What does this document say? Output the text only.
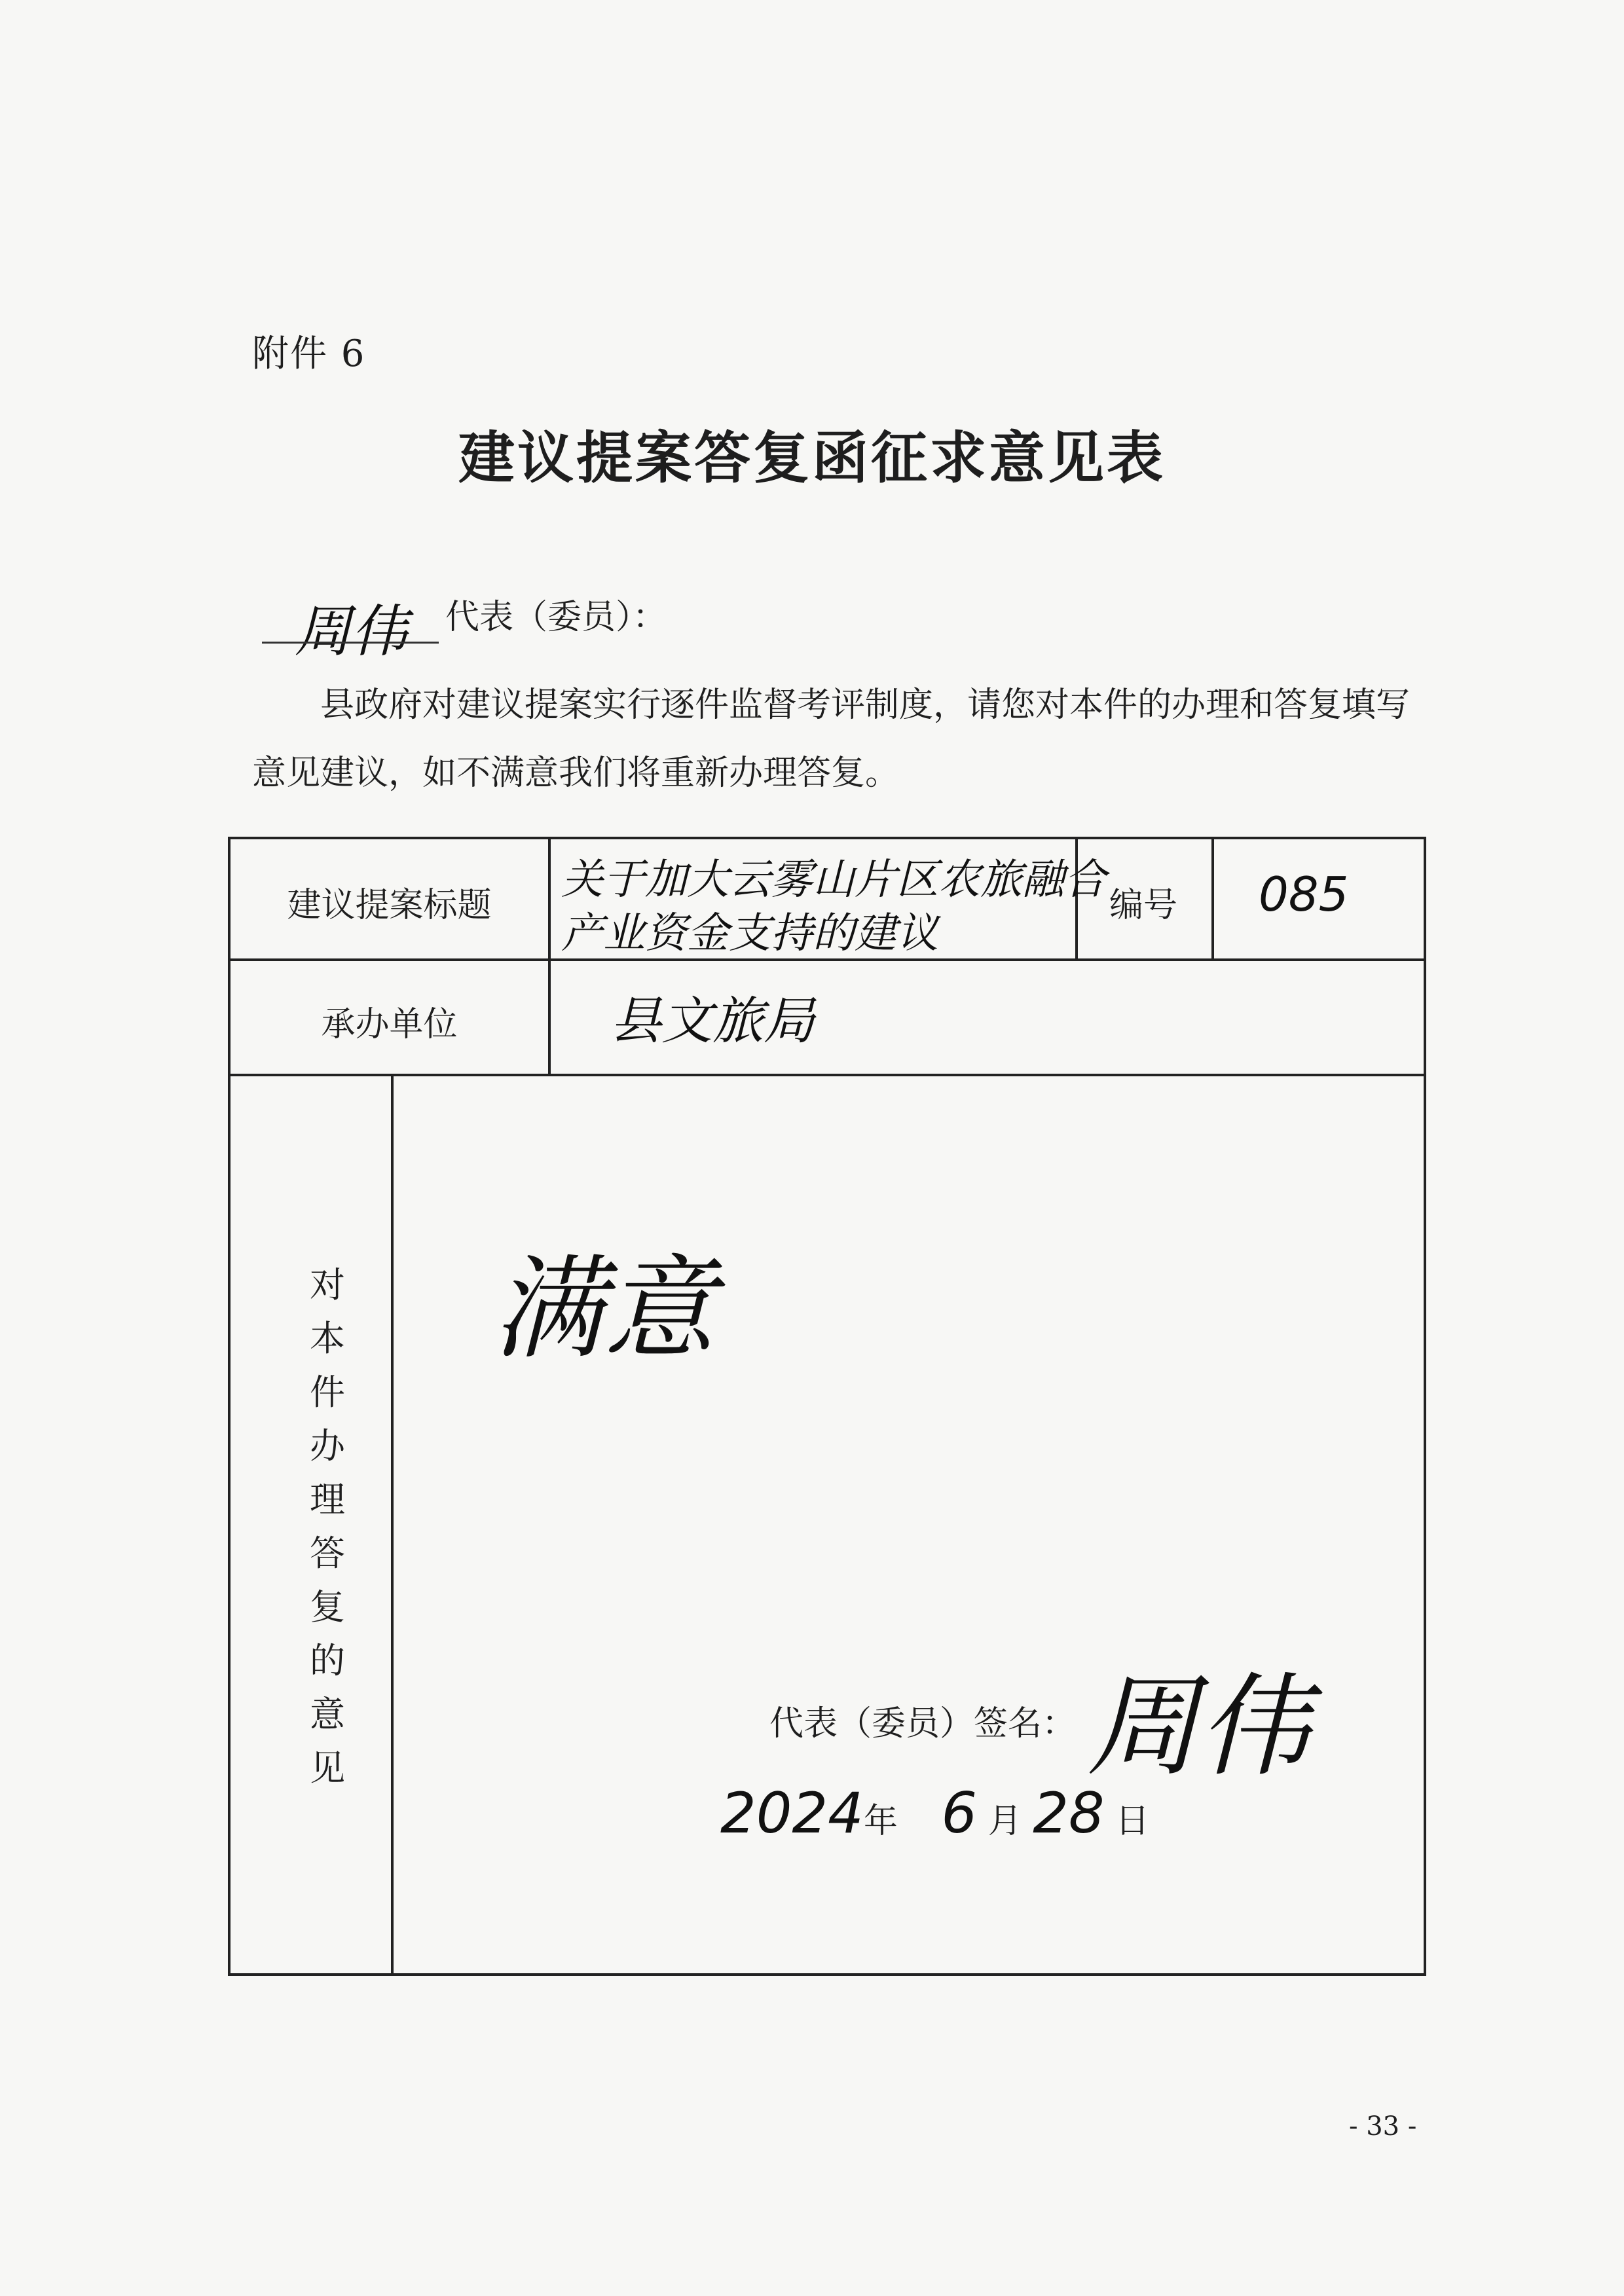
附件 6
建议提案答复函征求意见表
周伟 代表（委员）：
县政府对建议提案实行逐件监督考评制度，请您对本件的办理和答复填写意见建议，如不满意我们将重新办理答复。
建议提案标题
关于加大云雾山片区农旅融合
产业资金支持的建议
编号	085
承办单位	县文旅局
满意
对
本
件
办
理
答
复
的
意
见
代表（委员）签名： 周伟
2024年 6 月 28 日
- 33 -
